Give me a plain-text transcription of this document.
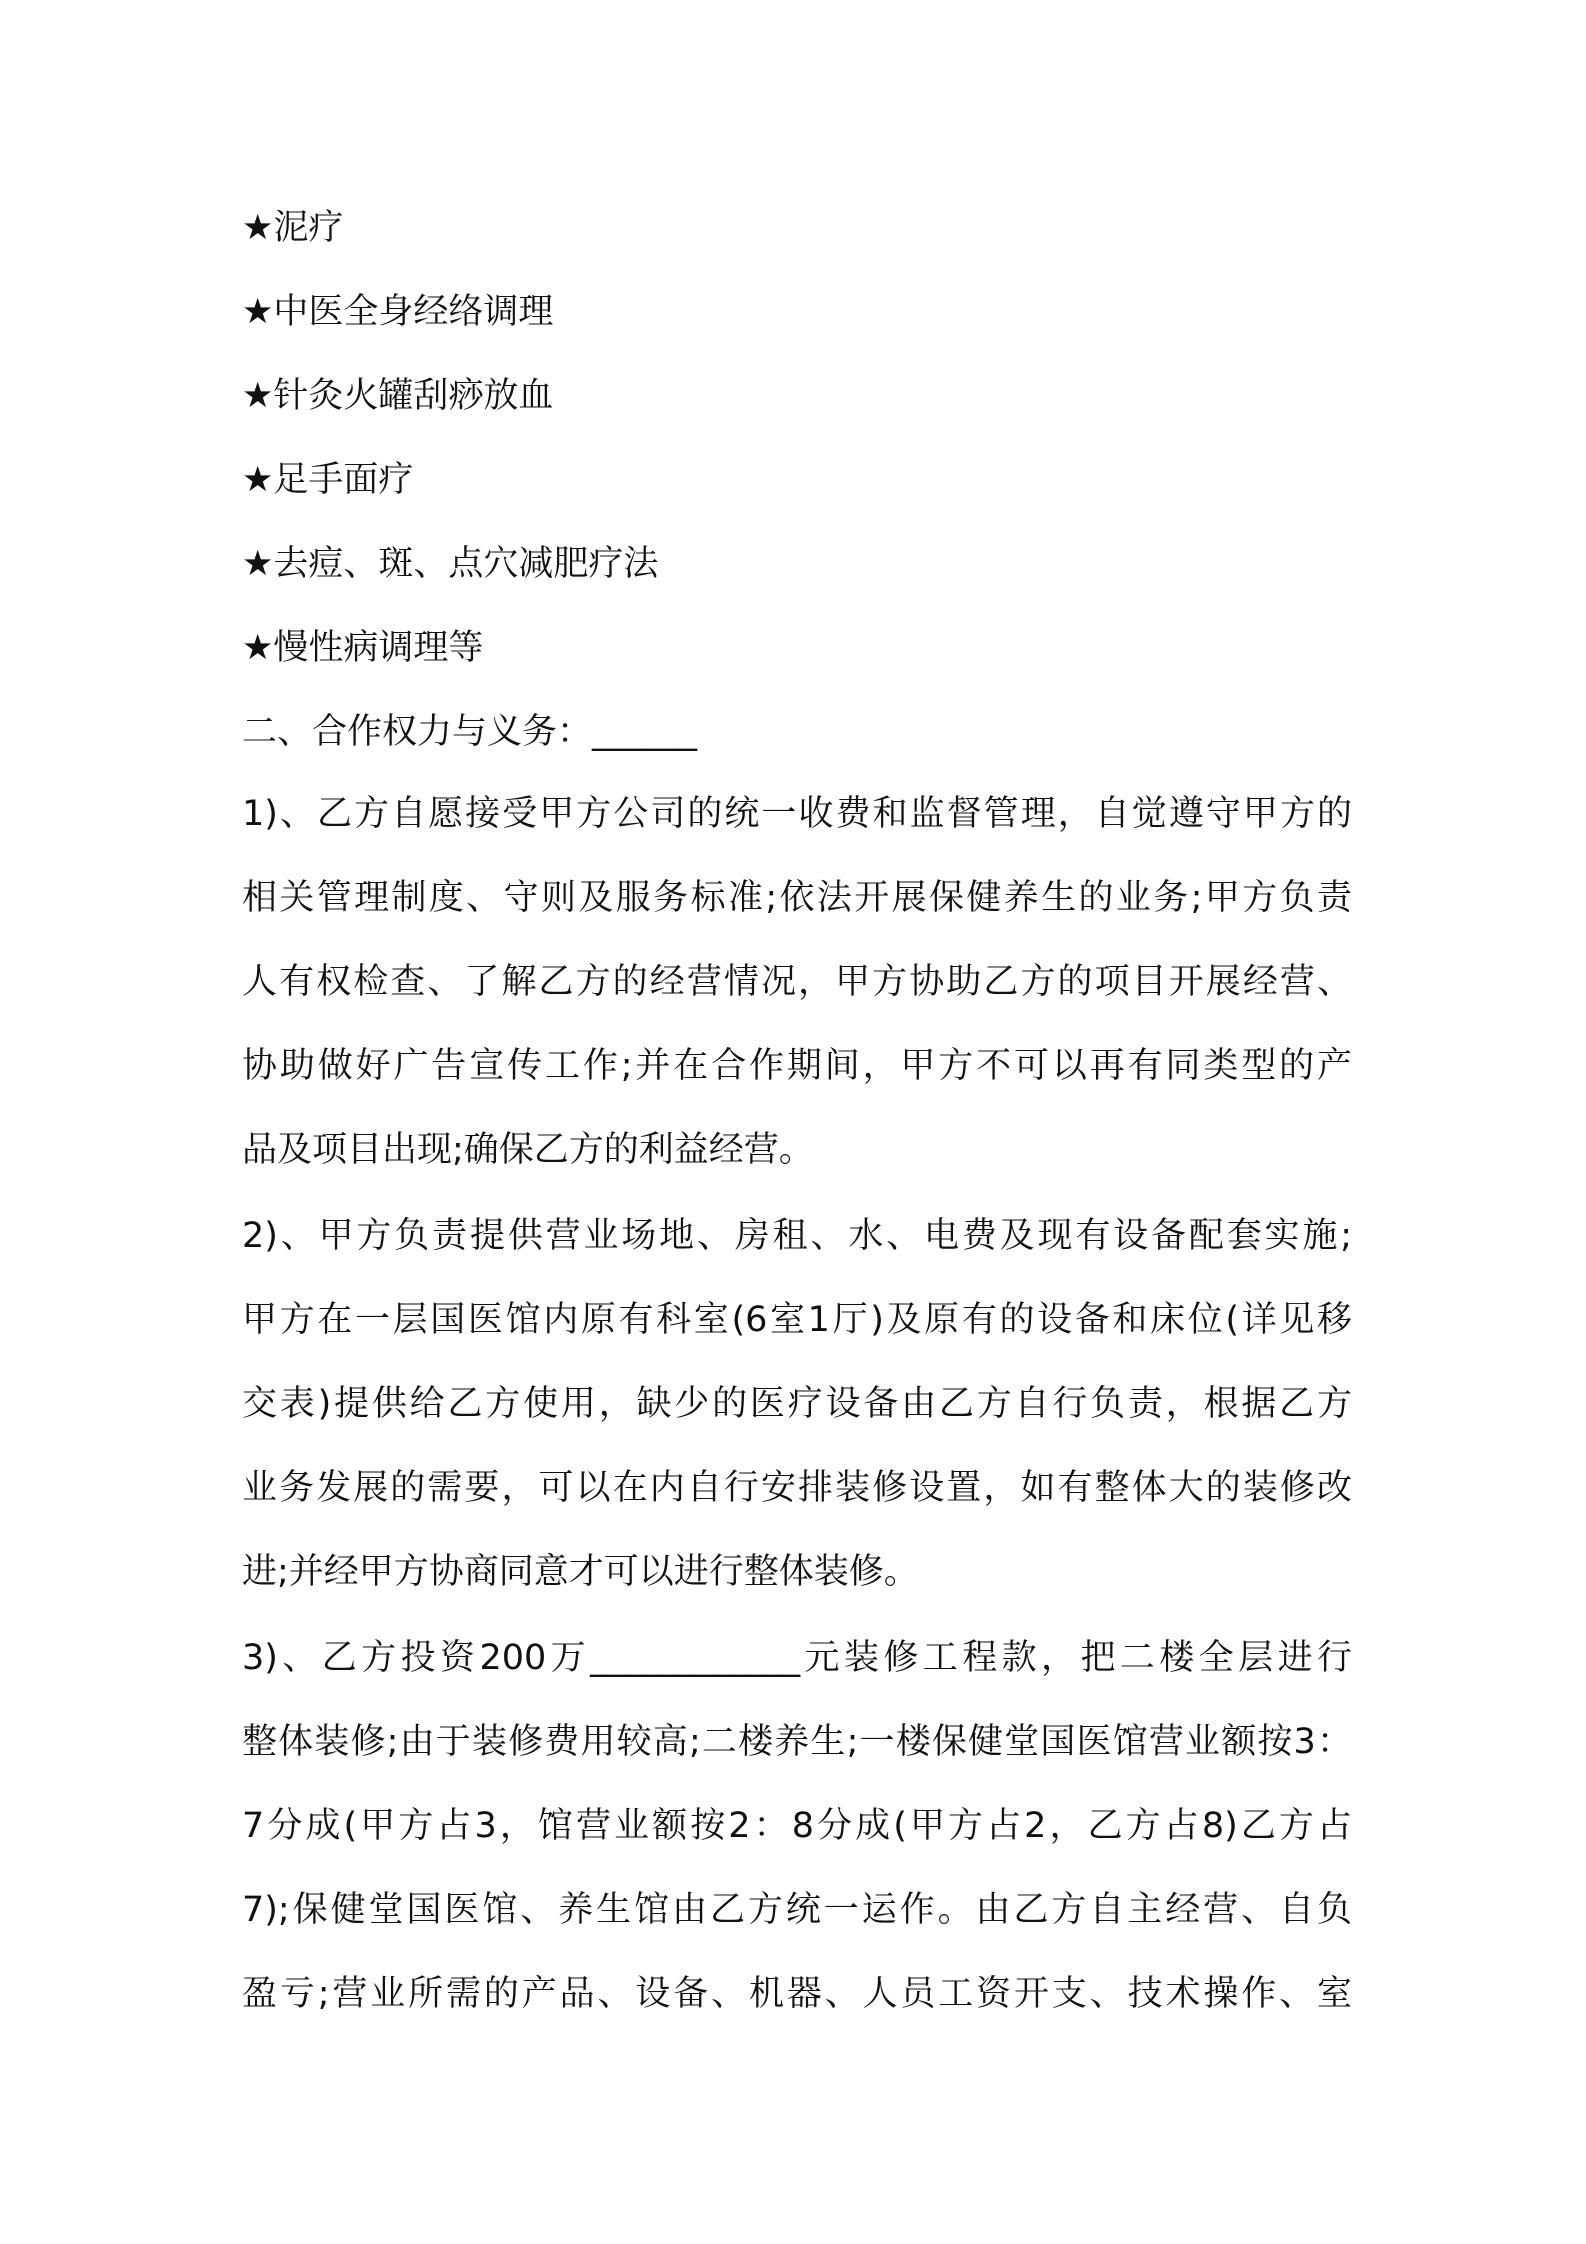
★泥疗
★中医全身经络调理
★针灸火罐刮痧放血
★足手面疗
★去痘、斑、点穴减肥疗法
★慢性病调理等
二、合作权力与义务：______
1)、乙方自愿接受甲方公司的统一收费和监督管理，自觉遵守甲方的
相关管理制度、守则及服务标准;依法开展保健养生的业务;甲方负责
人有权检查、了解乙方的经营情况，甲方协助乙方的项目开展经营、
协助做好广告宣传工作;并在合作期间，甲方不可以再有同类型的产
品及项目出现;确保乙方的利益经营。
2)、甲方负责提供营业场地、房租、水、电费及现有设备配套实施;
甲方在一层国医馆内原有科室(6室1厅)及原有的设备和床位(详见移
交表)提供给乙方使用，缺少的医疗设备由乙方自行负责，根据乙方
业务发展的需要，可以在内自行安排装修设置，如有整体大的装修改
进;并经甲方协商同意才可以进行整体装修。
3)、乙方投资200万____________元装修工程款，把二楼全层进行
整体装修;由于装修费用较高;二楼养生;一楼保健堂国医馆营业额按3：
7分成(甲方占3，馆营业额按2：8分成(甲方占2，乙方占8)乙方占
7);保健堂国医馆、养生馆由乙方统一运作。由乙方自主经营、自负
盈亏;营业所需的产品、设备、机器、人员工资开支、技术操作、室
